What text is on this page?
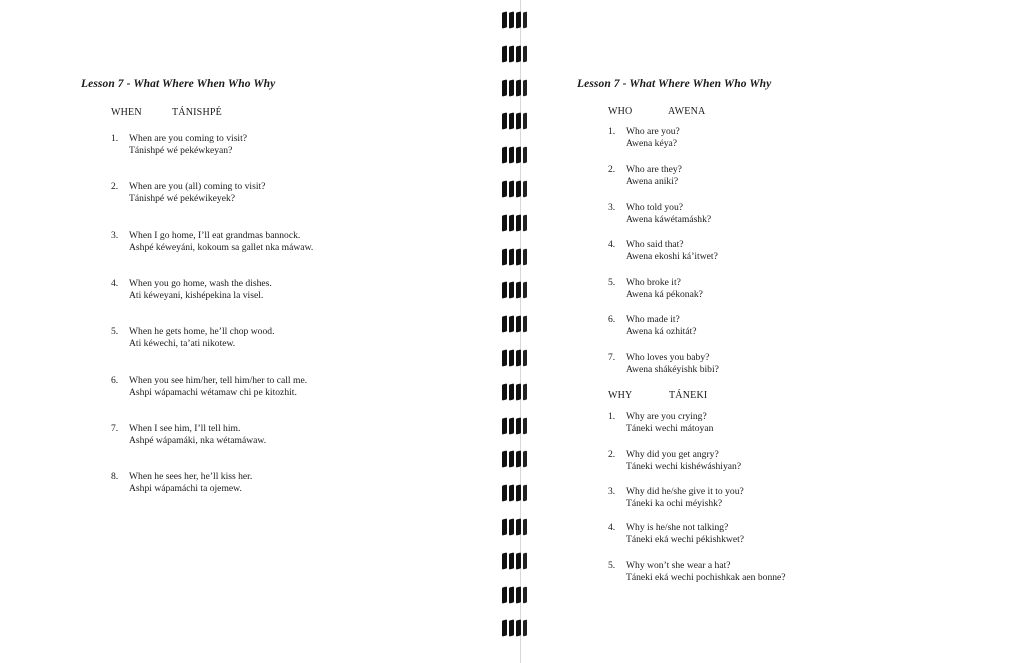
Lesson 7 - What Where When Who Why
WHEN	TÁNISHPÉ
1. When are you coming to visit?
Tánishpé wé pekéwkeyan?
2. When are you (all) coming to visit?
Tánishpé wé pekéwikeyek?
3. When I go home, I’ll eat grandmas bannock.
Ashpé kéweyáni, kokoum sa gallet nka máwaw.
4. When you go home, wash the dishes.
Ati kéweyani, kishépekina la visel.
5. When he gets home, he’ll chop wood.
Ati kéwechi, ta’ati nikotew.
6. When you see him/her, tell him/her to call me.
Ashpi wápamachi wétamaw chi pe kitozhit.
7. When I see him, I’ll tell him.
Ashpé wápamáki, nka wétamáwaw.
8. When he sees her, he’ll kiss her.
Ashpi wápamáchi ta ojemew.
Lesson 7 - What Where When Who Why
WHO	AWENA
1. Who are you?
Awena kéya?
2. Who are they?
Awena aniki?
3. Who told you?
Awena káwétamáshk?
4. Who said that?
Awena ekoshi ká’itwet?
5. Who broke it?
Awena ká pékonak?
6. Who made it?
Awena ká ozhitát?
7. Who loves you baby?
Awena shákéyishk bibi?
WHY	TÁNEKI
1. Why are you crying?
Táneki wechi mátoyan
2. Why did you get angry?
Táneki wechi kishéwáshiyan?
3. Why did he/she give it to you?
Táneki ka ochi méyishk?
4. Why is he/she not talking?
Táneki eká wechi pékishkwet?
5. Why won’t she wear a hat?
Táneki eká wechi pochishkak aen bonne?
